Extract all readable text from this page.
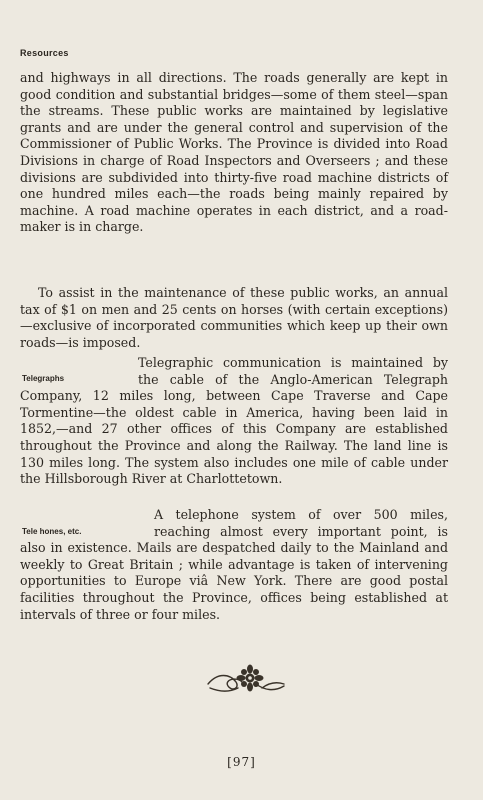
Resources

and highways in all directions. The roads generally are kept in good condition and substantial bridges—some of them steel—span the streams. These public works are maintained by legislative grants and are under the general control and supervision of the Commissioner of Public Works. The Province is divided into Road Divisions in charge of Road Inspectors and Overseers ; and these divisions are subdivided into thirty-five road machine districts of one hundred miles each—the roads being mainly repaired by machine. A road machine operates in each district, and a road-maker is in charge.

To assist in the maintenance of these public works, an annual tax of $1 on men and 25 cents on horses (with certain exceptions)—exclusive of incorporated communities which keep up their own roads—is imposed.

Telegraphs

Telegraphic communication is maintained by the cable of the Anglo-American Telegraph Company, 12 miles long, between Cape Traverse and Cape Tormentine—the oldest cable in America, having been laid in 1852,—and 27 other offices of this Company are established throughout the Province and along the Railway. The land line is 130 miles long. The system also includes one mile of cable under the Hillsborough River at Charlottetown.

Tele hones, etc.

A telephone system of over 500 miles, reaching almost every important point, is also in existence. Mails are despatched daily to the Mainland and weekly to Great Britain ; while advantage is taken of intervening opportunities to Europe viâ New York. There are good postal facilities throughout the Province, offices being established at intervals of three or four miles.

[97]
